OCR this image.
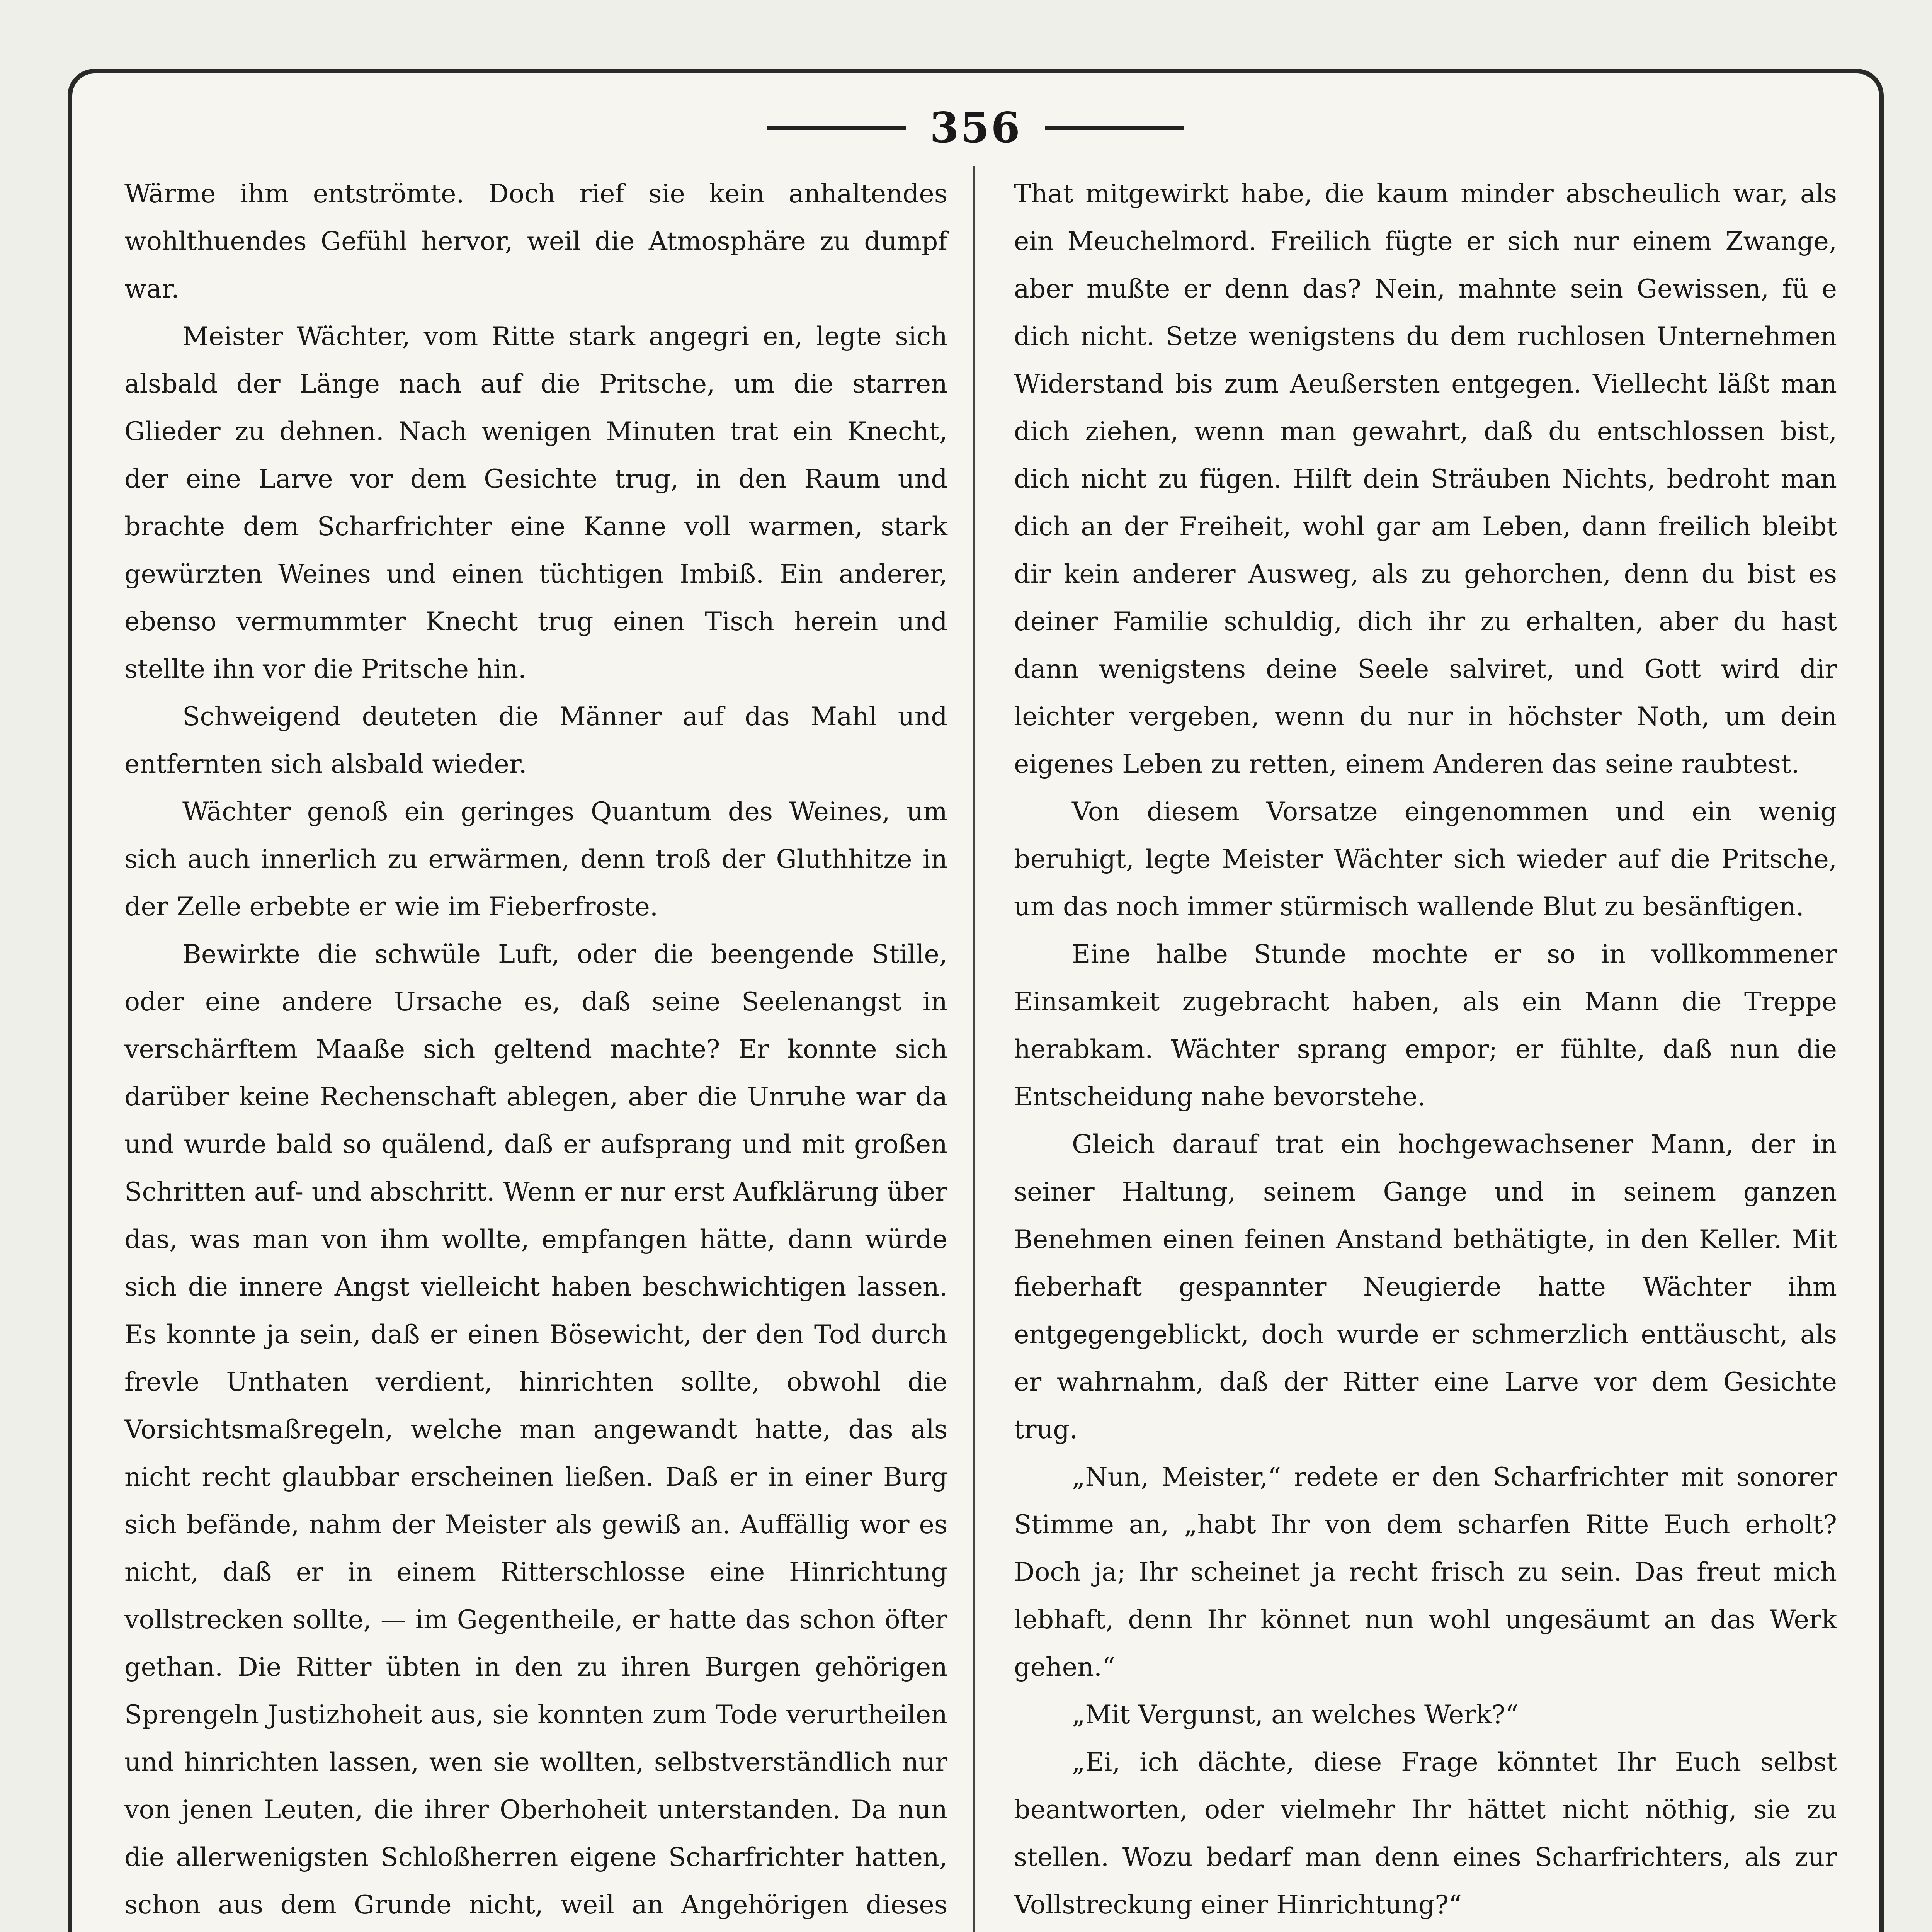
356

Wärme ihm entströmte. Doch rief sie kein anhaltendes wohlthuendes Gefühl hervor, weil die Atmosphäre zu dumpf war.

Meister Wächter, vom Ritte stark angegri en, legte sich alsbald der Länge nach auf die Pritsche, um die starren Glieder zu dehnen. Nach wenigen Minuten trat ein Knecht, der eine Larve vor dem Gesichte trug, in den Raum und brachte dem Scharfrichter eine Kanne voll warmen, stark gewürzten Weines und einen tüchtigen Imbiß. Ein anderer, ebenso vermummter Knecht trug einen Tisch herein und stellte ihn vor die Pritsche hin.

Schweigend deuteten die Männer auf das Mahl und entfernten sich alsbald wieder.

Wächter genoß ein geringes Quantum des Weines, um sich auch innerlich zu erwärmen, denn troß der Gluthhitze in der Zelle erbebte er wie im Fieberfroste.

Bewirkte die schwüle Luft, oder die beengende Stille, oder eine andere Ursache es, daß seine Seelenangst in verschärftem Maaße sich geltend machte? Er konnte sich darüber keine Rechenschaft ablegen, aber die Unruhe war da und wurde bald so quälend, daß er aufsprang und mit großen Schritten auf- und abschritt. Wenn er nur erst Aufklärung über das, was man von ihm wollte, empfangen hätte, dann würde sich die innere Angst vielleicht haben beschwichtigen lassen. Es konnte ja sein, daß er einen Bösewicht, der den Tod durch frevle Unthaten verdient, hinrichten sollte, obwohl die Vorsichtsmaßregeln, welche man angewandt hatte, das als nicht recht glaubbar erscheinen ließen. Daß er in einer Burg sich befände, nahm der Meister als gewiß an. Auffällig wor es nicht, daß er in einem Ritterschlosse eine Hinrichtung vollstrecken sollte, — im Gegentheile, er hatte das schon öfter gethan. Die Ritter übten in den zu ihren Burgen gehörigen Sprengeln Justizhoheit aus, sie konnten zum Tode verurtheilen und hinrichten lassen, wen sie wollten, selbstverständlich nur von jenen Leuten, die ihrer Oberhoheit unterstanden. Da nun die allerwenigsten Schloßherren eigene Scharfrichter hatten, schon aus dem Grunde nicht, weil an Angehörigen dieses

That mitgewirkt habe, die kaum minder abscheulich war, als ein Meuchelmord. Freilich fügte er sich nur einem Zwange, aber mußte er denn das? Nein, mahnte sein Gewissen, fü e dich nicht. Setze wenigstens du dem ruchlosen Unternehmen Widerstand bis zum Aeußersten entgegen. Viellecht läßt man dich ziehen, wenn man gewahrt, daß du entschlossen bist, dich nicht zu fügen. Hilft dein Sträuben Nichts, bedroht man dich an der Freiheit, wohl gar am Leben, dann freilich bleibt dir kein anderer Ausweg, als zu gehorchen, denn du bist es deiner Familie schuldig, dich ihr zu erhalten, aber du hast dann wenigstens deine Seele salviret, und Gott wird dir leichter vergeben, wenn du nur in höchster Noth, um dein eigenes Leben zu retten, einem Anderen das seine raubtest.

Von diesem Vorsatze eingenommen und ein wenig beruhigt, legte Meister Wächter sich wieder auf die Pritsche, um das noch immer stürmisch wallende Blut zu besänftigen.

Eine halbe Stunde mochte er so in vollkommener Einsamkeit zugebracht haben, als ein Mann die Treppe herabkam. Wächter sprang empor; er fühlte, daß nun die Entscheidung nahe bevorstehe.

Gleich darauf trat ein hochgewachsener Mann, der in seiner Haltung, seinem Gange und in seinem ganzen Benehmen einen feinen Anstand bethätigte, in den Keller. Mit fieberhaft gespannter Neugierde hatte Wächter ihm entgegengeblickt, doch wurde er schmerzlich enttäuscht, als er wahrnahm, daß der Ritter eine Larve vor dem Gesichte trug.

„Nun, Meister,“ redete er den Scharfrichter mit sonorer Stimme an, „habt Ihr von dem scharfen Ritte Euch erholt? Doch ja; Ihr scheinet ja recht frisch zu sein. Das freut mich lebhaft, denn Ihr könnet nun wohl ungesäumt an das Werk gehen.“

„Mit Vergunst, an welches Werk?“

„Ei, ich dächte, diese Frage könntet Ihr Euch selbst beantworten, oder vielmehr Ihr hättet nicht nöthig, sie zu stellen. Wozu bedarf man denn eines Scharfrichters, als zur Vollstreckung einer Hinrichtung?“
